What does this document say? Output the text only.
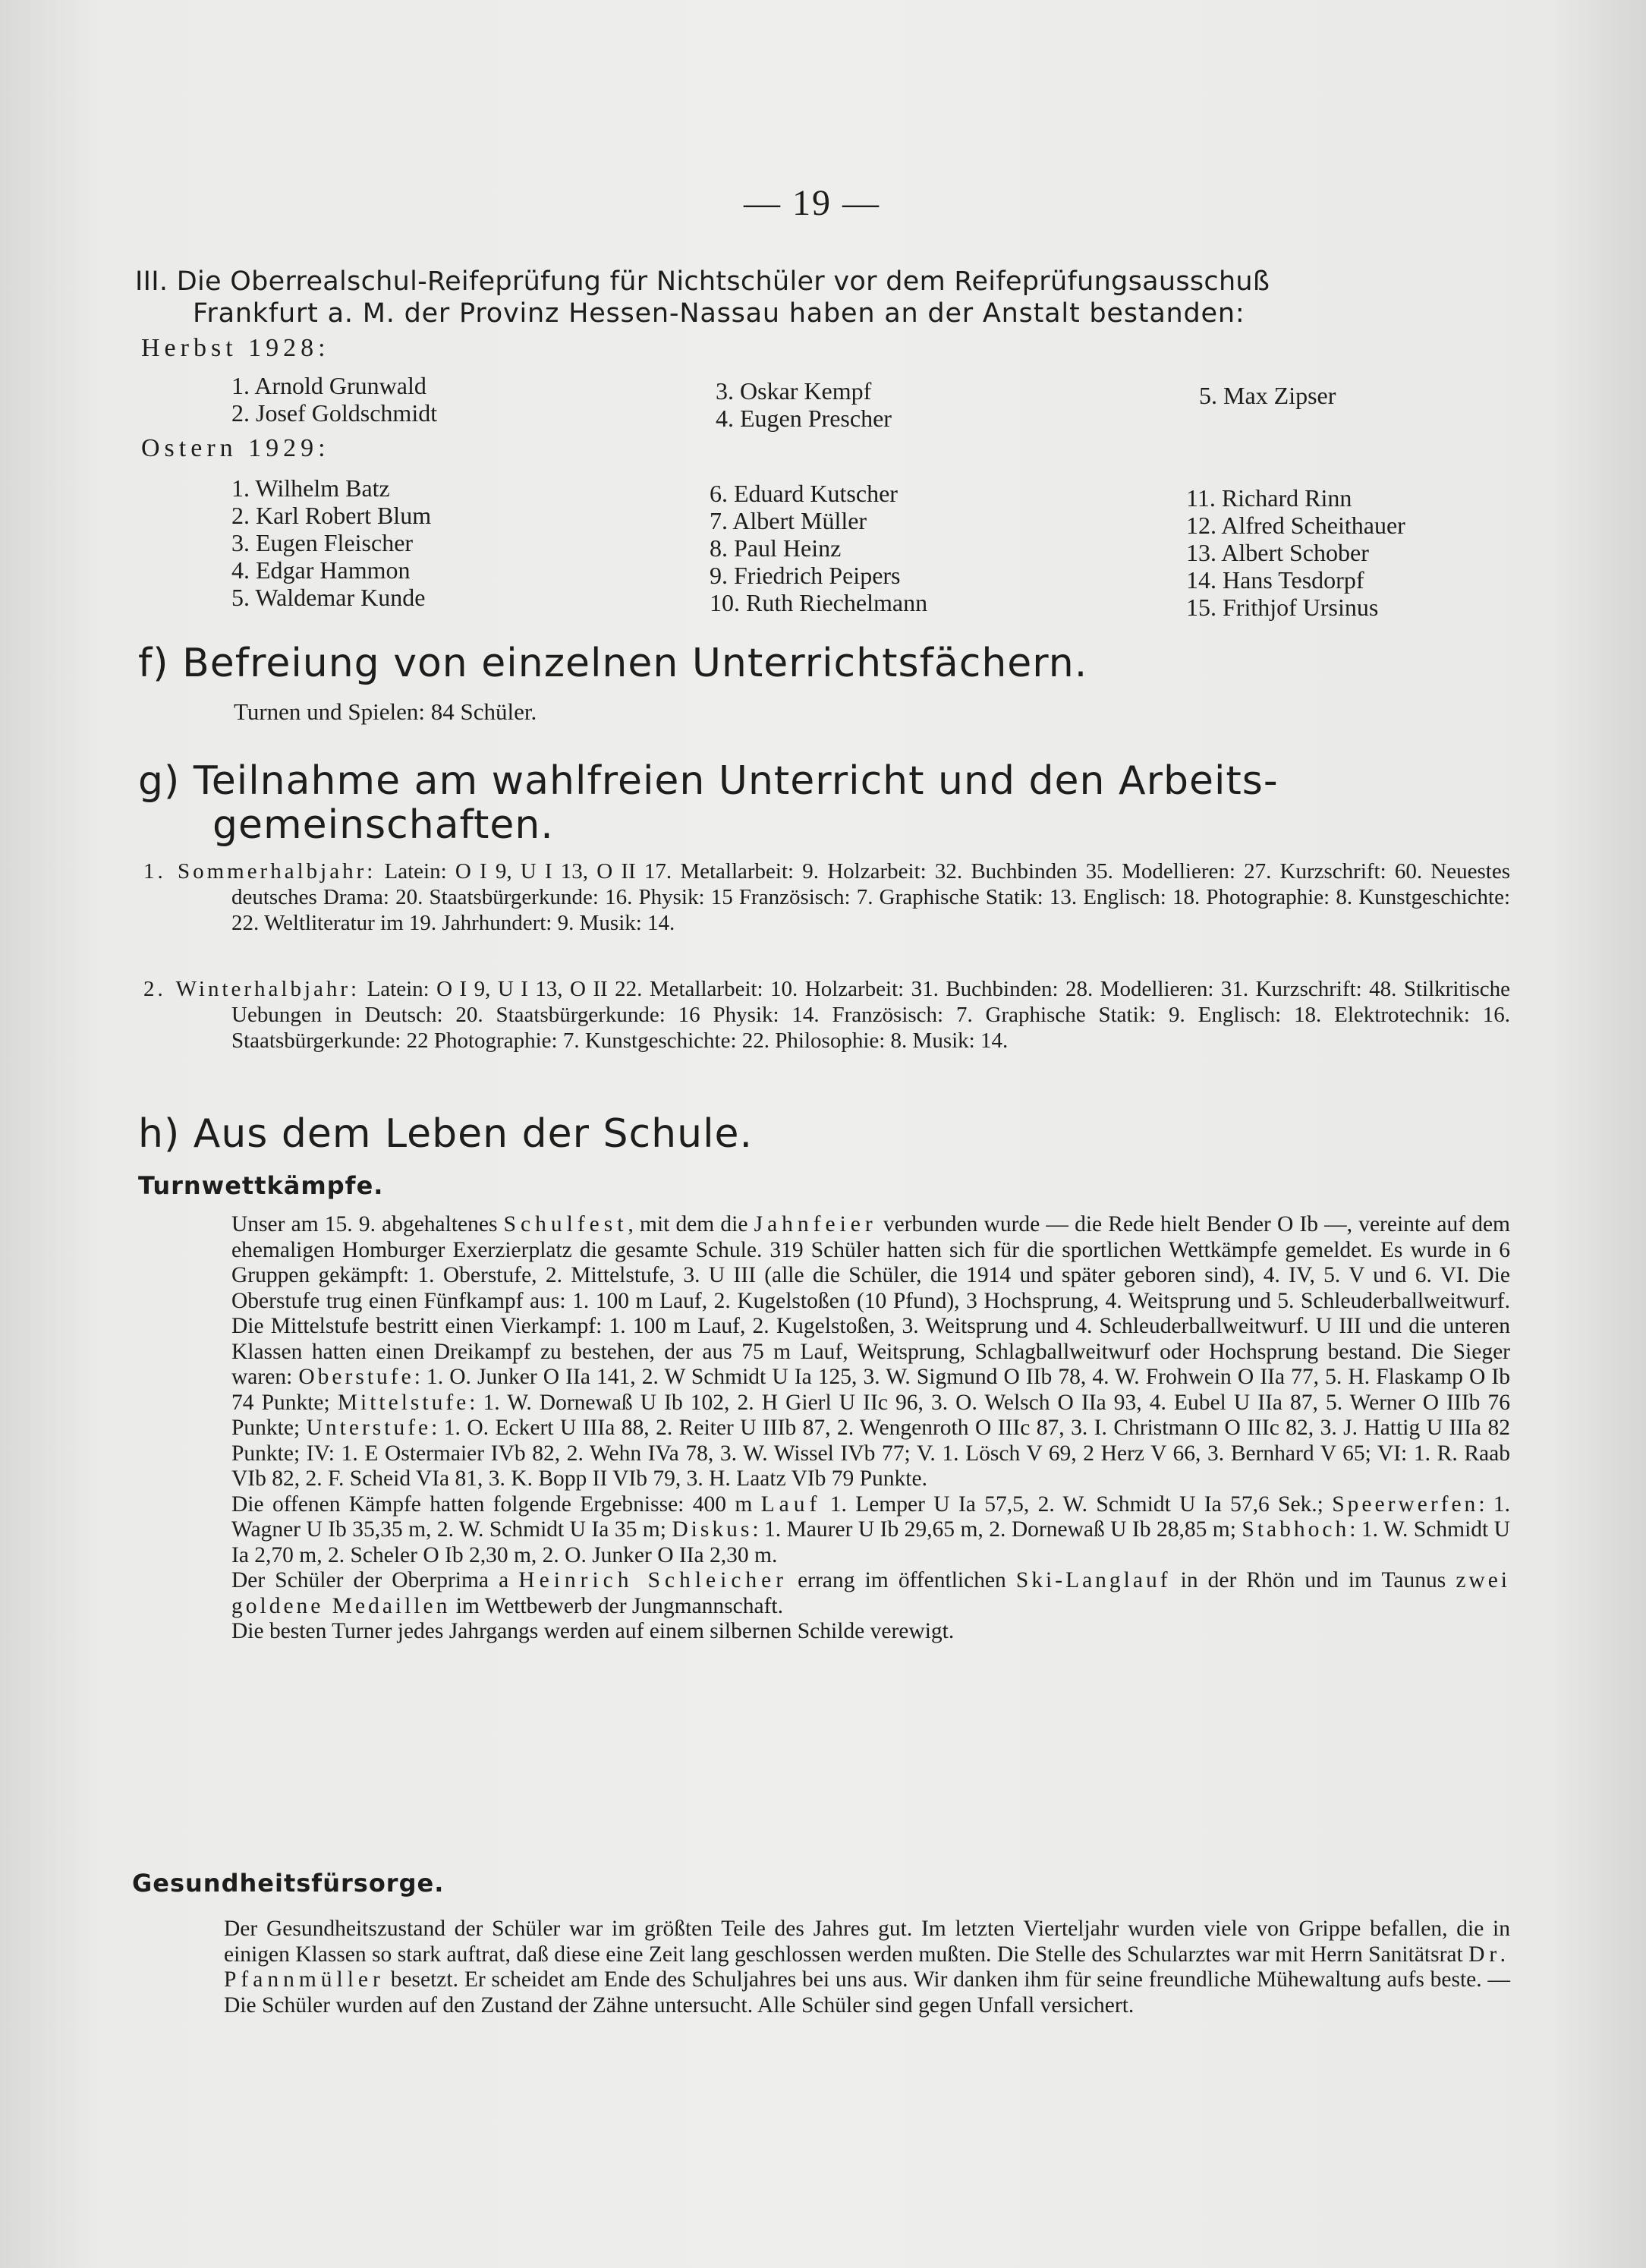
— 19 —
III. Die Oberrealschul-Reifeprüfung für Nichtschüler vor dem Reifeprüfungsausschuß
Frankfurt a. M. der Provinz Hessen-Nassau haben an der Anstalt bestanden:
Herbst 1928:
1. Arnold Grunwald
2. Josef Goldschmidt
3. Oskar Kempf
4. Eugen Prescher
5. Max Zipser
Ostern 1929:
1. Wilhelm Batz
2. Karl Robert Blum
3. Eugen Fleischer
4. Edgar Hammon
5. Waldemar Kunde
6. Eduard Kutscher
7. Albert Müller
8. Paul Heinz
9. Friedrich Peipers
10. Ruth Riechelmann
11. Richard Rinn
12. Alfred Scheithauer
13. Albert Schober
14. Hans Tesdorpf
15. Frithjof Ursinus
f) Befreiung von einzelnen Unterrichtsfächern.
Turnen und Spielen: 84 Schüler.
g) Teilnahme am wahlfreien Unterricht und den Arbeits-
gemeinschaften.
1. Sommerhalbjahr: Latein: O I 9, U I 13, O II 17. Metallarbeit: 9. Holzarbeit: 32. Buchbinden 35. Modellieren: 27. Kurzschrift: 60. Neuestes deutsches Drama: 20. Staatsbürgerkunde: 16. Physik: 15 Französisch: 7. Graphische Statik: 13. Englisch: 18. Photographie: 8. Kunstgeschichte: 22. Weltliteratur im 19. Jahrhundert: 9. Musik: 14.
2. Winterhalbjahr: Latein: O I 9, U I 13, O II 22. Metallarbeit: 10. Holzarbeit: 31. Buchbinden: 28. Modellieren: 31. Kurzschrift: 48. Stilkritische Uebungen in Deutsch: 20. Staatsbürgerkunde: 16 Physik: 14. Französisch: 7. Graphische Statik: 9. Englisch: 18. Elektrotechnik: 16. Staatsbürgerkunde: 22 Photographie: 7. Kunstgeschichte: 22. Philosophie: 8. Musik: 14.
h) Aus dem Leben der Schule.
Turnwettkämpfe.

Unser am 15. 9. abgehaltenes Schulfest, mit dem die Jahnfeier verbunden wurde — die Rede hielt Bender O Ib —, vereinte auf dem ehemaligen Homburger Exerzierplatz die gesamte Schule. 319 Schüler hatten sich für die sportlichen Wettkämpfe gemeldet. Es wurde in 6 Gruppen gekämpft: 1. Oberstufe, 2. Mittelstufe, 3. U III (alle die Schüler, die 1914 und später geboren sind), 4. IV, 5. V und 6. VI. Die Oberstufe trug einen Fünfkampf aus: 1. 100 m Lauf, 2. Kugelstoßen (10 Pfund), 3 Hochsprung, 4. Weitsprung und 5. Schleuderballweitwurf. Die Mittelstufe bestritt einen Vierkampf: 1. 100 m Lauf, 2. Kugelstoßen, 3. Weitsprung und 4. Schleuderballweitwurf. U III und die unteren Klassen hatten einen Dreikampf zu bestehen, der aus 75 m Lauf, Weitsprung, Schlagballweitwurf oder Hochsprung bestand. Die Sieger waren: Oberstufe: 1. O. Junker O IIa 141, 2. W Schmidt U Ia 125, 3. W. Sigmund O IIb 78, 4. W. Frohwein O IIa 77, 5. H. Flaskamp O Ib 74 Punkte; Mittelstufe: 1. W. Dornewaß U Ib 102, 2. H Gierl U IIc 96, 3. O. Welsch O IIa 93, 4. Eubel U IIa 87, 5. Werner O IIIb 76 Punkte; Unterstufe: 1. O. Eckert U IIIa 88, 2. Reiter U IIIb 87, 2. Wengenroth O IIIc 87, 3. I. Christmann O IIIc 82, 3. J. Hattig U IIIa 82 Punkte; IV: 1. E Ostermaier IVb 82, 2. Wehn IVa 78, 3. W. Wissel IVb 77; V. 1. Lösch V 69, 2 Herz V 66, 3. Bernhard V 65; VI: 1. R. Raab VIb 82, 2. F. Scheid VIa 81, 3. K. Bopp II VIb 79, 3. H. Laatz VIb 79 Punkte.

Die offenen Kämpfe hatten folgende Ergebnisse: 400 m Lauf 1. Lemper U Ia 57,5, 2. W. Schmidt U Ia 57,6 Sek.; Speerwerfen: 1. Wagner U Ib 35,35 m, 2. W. Schmidt U Ia 35 m; Diskus: 1. Maurer U Ib 29,65 m, 2. Dornewaß U Ib 28,85 m; Stabhoch: 1. W. Schmidt U Ia 2,70 m, 2. Scheler O Ib 2,30 m, 2. O. Junker O IIa 2,30 m.

Der Schüler der Oberprima a Heinrich Schleicher errang im öffentlichen Ski-Langlauf in der Rhön und im Taunus zwei goldene Medaillen im Wettbewerb der Jungmannschaft.

Die besten Turner jedes Jahrgangs werden auf einem silbernen Schilde verewigt.

Gesundheitsfürsorge.
Der Gesundheitszustand der Schüler war im größten Teile des Jahres gut. Im letzten Vierteljahr wurden viele von Grippe befallen, die in einigen Klassen so stark auftrat, daß diese eine Zeit lang geschlossen werden mußten. Die Stelle des Schularztes war mit Herrn Sanitätsrat Dr. Pfannmüller besetzt. Er scheidet am Ende des Schuljahres bei uns aus. Wir danken ihm für seine freundliche Mühewaltung aufs beste. — Die Schüler wurden auf den Zustand der Zähne untersucht. Alle Schüler sind gegen Unfall versichert.
